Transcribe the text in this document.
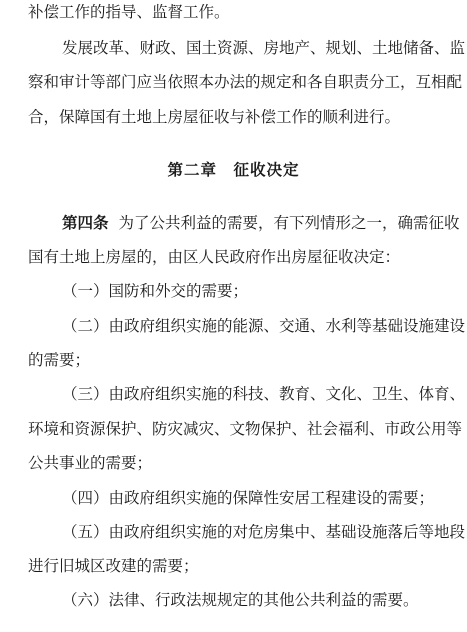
补偿工作的指导、监督工作。
发展改革、财政、国土资源、房地产、规划、土地储备、监
察和审计等部门应当依照本办法的规定和各自职责分工，互相配
合，保障国有土地上房屋征收与补偿工作的顺利进行。
第二章　征收决定
第四条 为了公共利益的需要，有下列情形之一，确需征收
国有土地上房屋的，由区人民政府作出房屋征收决定：
（一）国防和外交的需要；
（二）由政府组织实施的能源、交通、水利等基础设施建设
的需要；
（三）由政府组织实施的科技、教育、文化、卫生、体育、
环境和资源保护、防灾减灾、文物保护、社会福利、市政公用等
公共事业的需要；
（四）由政府组织实施的保障性安居工程建设的需要；
（五）由政府组织实施的对危房集中、基础设施落后等地段
进行旧城区改建的需要；
（六）法律、行政法规规定的其他公共利益的需要。
